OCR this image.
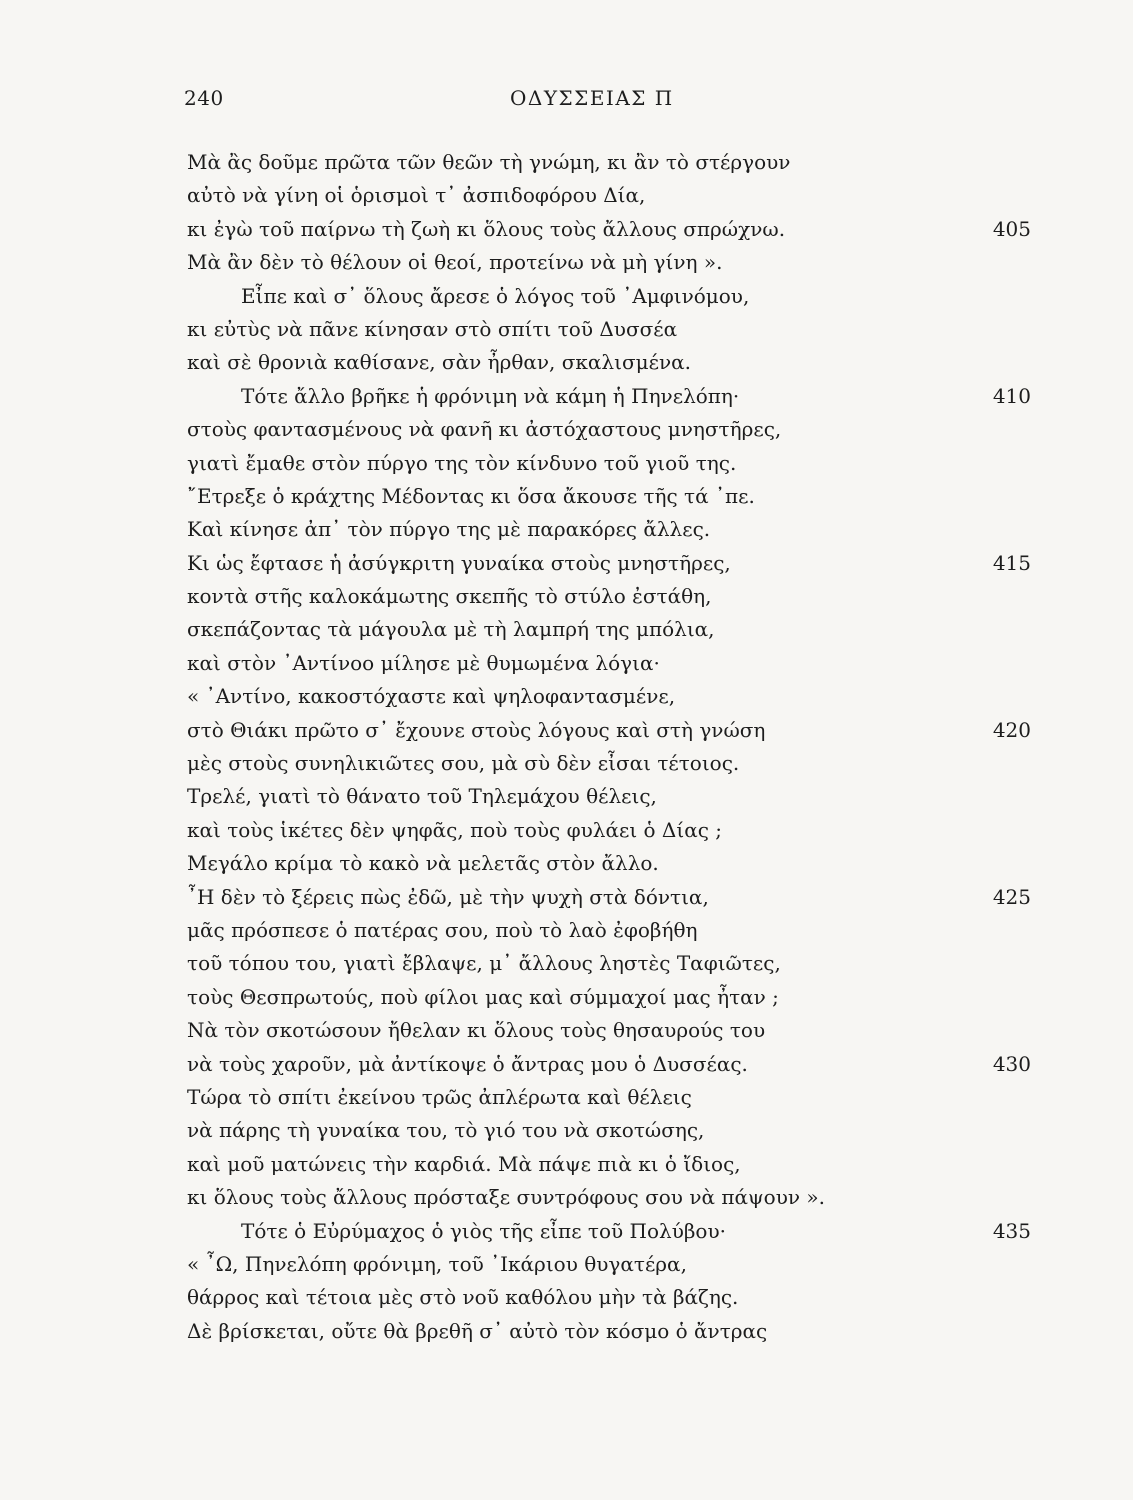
240	ΟΔΥΣΣΕΙΑΣ Π
Μὰ ἂς δοῦμε πρῶτα τῶν θεῶν τὴ γνώμη, κι ἂν τὸ στέργουν
αὐτὸ νὰ γίνη οἱ ὁρισμοὶ τ᾽ ἀσπιδοφόρου Δία,
κι ἐγὼ τοῦ παίρνω τὴ ζωὴ κι ὅλους τοὺς ἄλλους σπρώχνω.	405
Μὰ ἂν δὲν τὸ θέλουν οἱ θεοί, προτείνω νὰ μὴ γίνη ».
Εἶπε καὶ σ᾽ ὅλους ἄρεσε ὁ λόγος τοῦ ᾽Αμφινόμου,
κι εὐτὺς νὰ πᾶνε κίνησαν στὸ σπίτι τοῦ Δυσσέα
καὶ σὲ θρονιὰ καθίσανε, σὰν ἦρθαν, σκαλισμένα.
Τότε ἄλλο βρῆκε ἡ φρόνιμη νὰ κάμη ἡ Πηνελόπη·	410
στοὺς φαντασμένους νὰ φανῆ κι ἀστόχαστους μνηστῆρες,
γιατὶ ἔμαθε στὸν πύργο της τὸν κίνδυνο τοῦ γιοῦ της.
῎Ετρεξε ὁ κράχτης Μέδοντας κι ὅσα ἄκουσε τῆς τά ᾽πε.
Καὶ κίνησε ἀπ᾽ τὸν πύργο της μὲ παρακόρες ἄλλες.
Κι ὡς ἔφτασε ἡ ἀσύγκριτη γυναίκα στοὺς μνηστῆρες,	415
κοντὰ στῆς καλοκάμωτης σκεπῆς τὸ στύλο ἐστάθη,
σκεπάζοντας τὰ μάγουλα μὲ τὴ λαμπρή της μπόλια,
καὶ στὸν ᾽Αντίνοο μίλησε μὲ θυμωμένα λόγια·
« ᾽Αντίνο, κακοστόχαστε καὶ ψηλοφαντασμένε,
στὸ Θιάκι πρῶτο σ᾽ ἔχουνε στοὺς λόγους καὶ στὴ γνώση	420
μὲς στοὺς συνηλικιῶτες σου, μὰ σὺ δὲν εἶσαι τέτοιος.
Τρελέ, γιατὶ τὸ θάνατο τοῦ Τηλεμάχου θέλεις,
καὶ τοὺς ἱκέτες δὲν ψηφᾶς, ποὺ τοὺς φυλάει ὁ Δίας ;
Μεγάλο κρίμα τὸ κακὸ νὰ μελετᾶς στὸν ἄλλο.
῏Η δὲν τὸ ξέρεις πὼς ἐδῶ, μὲ τὴν ψυχὴ στὰ δόντια,	425
μᾶς πρόσπεσε ὁ πατέρας σου, ποὺ τὸ λαὸ ἐφοβήθη
τοῦ τόπου του, γιατὶ ἔβλαψε, μ᾽ ἄλλους ληστὲς Ταφιῶτες,
τοὺς Θεσπρωτούς, ποὺ φίλοι μας καὶ σύμμαχοί μας ἦταν ;
Νὰ τὸν σκοτώσουν ἤθελαν κι ὅλους τοὺς θησαυρούς του
νὰ τοὺς χαροῦν, μὰ ἀντίκοψε ὁ ἄντρας μου ὁ Δυσσέας.	430
Τώρα τὸ σπίτι ἐκείνου τρῶς ἀπλέρωτα καὶ θέλεις
νὰ πάρης τὴ γυναίκα του, τὸ γιό του νὰ σκοτώσης,
καὶ μοῦ ματώνεις τὴν καρδιά. Μὰ πάψε πιὰ κι ὁ ἴδιος,
κι ὅλους τοὺς ἄλλους πρόσταξε συντρόφους σου νὰ πάψουν ».
Τότε ὁ Εὐρύμαχος ὁ γιὸς τῆς εἶπε τοῦ Πολύβου·	435
« ῏Ω, Πηνελόπη φρόνιμη, τοῦ ᾽Ικάριου θυγατέρα,
θάρρος καὶ τέτοια μὲς στὸ νοῦ καθόλου μὴν τὰ βάζης.
Δὲ βρίσκεται, οὔτε θὰ βρεθῆ σ᾽ αὐτὸ τὸν κόσμο ὁ ἄντρας
